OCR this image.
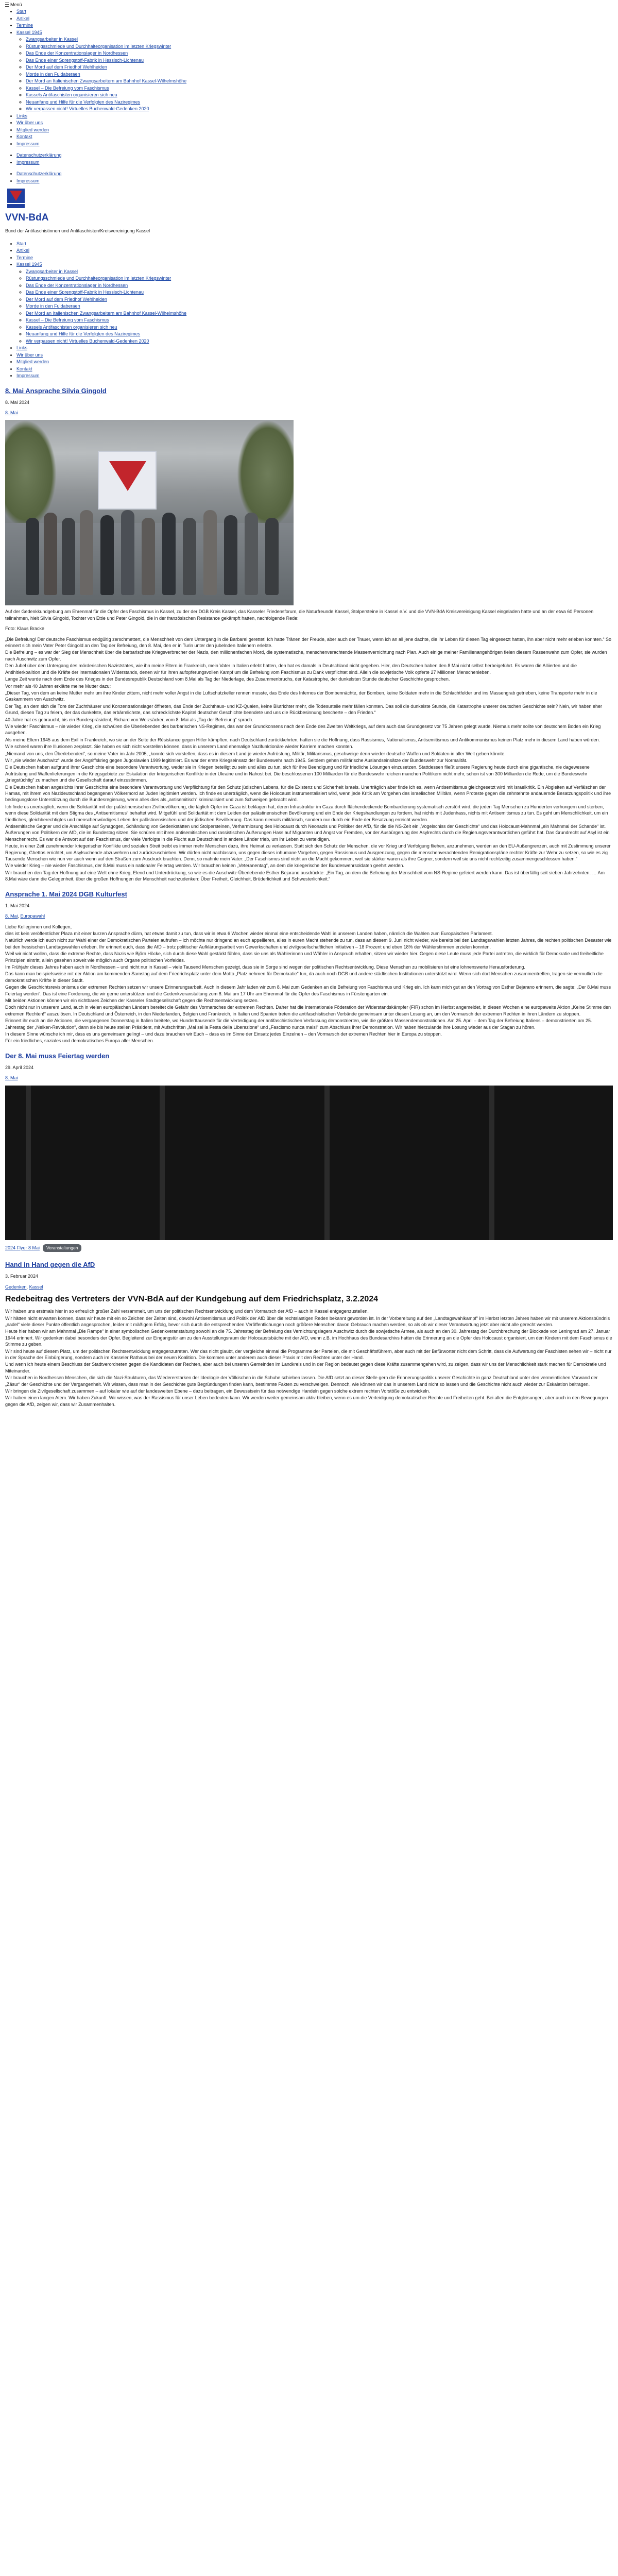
Menü
• Start
• Artikel
• Termine
• Kassel 1945
◦ Zwangsarbeiter in Kassel
◦ Rüstungsschmiede und Durchhalteorganisation im letzten Kriegswinter
◦ Das Ende der Konzentrationslager in Nordhessen
◦ Das Ende einer Sprengstoff-Fabrik in Hessisch-Lichtenau
◦ Der Mord auf dem Friedhof Wehlheiden
◦ Morde in den Fuldaberaen
◦ Der Mord an Italienischen Zwangsarbeitern am Bahnhof Kassel-Wilhelmshöhe
◦ Kassel – Die Befreiung vom Faschismus
◦ Kassels Antifaschisten organisieren sich neu
◦ Neuanfang und Hilfe für die Verfolgten des Naziregimes
◦ Wir verpassen nicht! Virtuelles Buchenwald-Gedenken 2020
• Links
• Wir über uns
• Mitglied werden
• Kontakt
• Impressum
• Datenschutzerklärung
• Impressum
• Datenschutzerklärung
• Impressum
VVN-BdA
Bund der Antifaschistinnen und Antifaschisten/Kreisvereinigung Kassel
• Start
• Artikel
• Termine
• Kassel 1945
◦ Zwangsarbeiter in Kassel
◦ Rüstungsschmiede und Durchhalteorganisation im letzten Kriegswinter
◦ Das Ende der Konzentrationslager in Nordhessen
◦ Das Ende einer Sprengstoff-Fabrik in Hessisch-Lichtenau
◦ Der Mord auf dem Friedhof Wehlheiden
◦ Morde in den Fuldaberaen
◦ Der Mord an Italienischen Zwangsarbeitern am Bahnhof Kassel-Wilhelmshöhe
◦ Kassel – Die Befreiung vom Faschismus
◦ Kassels Antifaschisten organisieren sich neu
◦ Neuanfang und Hilfe für die Verfolgten des Naziregimes
◦ Wir verpassen nicht! Virtuelles Buchenwald-Gedenken 2020
• Links
• Wir über uns
• Mitglied werden
• Kontakt
• Impressum
8. Mai Ansprache Silvia Gingold
8. Mai 2024
8. Mai
Auf der Gedenkkundgebung am Ehrenmal für die Opfer des Faschismus in Kassel, zu der der DGB Kreis Kassel, das Kasseler Friedensforum, die Naturfreunde Kassel, Stolpersteine in Kassel e.V. und die VVN-BdA Kreisvereinigung Kassel eingeladen hatte und an der etwa 60 Personen teilnahmen, hielt Silvia Gingold, Tochter von Ettie und Peter Gingold, die in der französischen Resistance gekämpft hatten, nachfolgende Rede:
Foto: Klaus Bracke

„Die Befreiung! Der deutsche Faschismus endgültig zerschmettert, die Menschheit von dem Untergang in die Barbarei gerettet! Ich hatte Tränen der Freude, aber auch der Trauer, wenn ich an all jene dachte, die ihr Leben für diesen Tag eingesetzt hatten, ihn aber nicht mehr erleben konnten.“ So erinnert sich mein Vater Peter Gingold an den Tag der Befreiung, den 8. Mai, den er in Turin unter den jubelnden Italienern erlebte.

Die Befreiung – es war der Sieg der Menschheit über die barbarischste Kriegsverbrecher der Nazis, den millionenfachen Mord, die systematische, menschenverachtende Massenvernichtung nach Plan. Auch einige meiner Familienangehörigen fielen diesem Rassenwahn zum Opfer, sie wurden nach Auschwitz zum Opfer.

Den Jubel über den Untergang des mörderischen Naziststates, wie ihn meine Eltern in Frankreich, mein Vater in Italien erlebt hatten, den hat es damals in Deutschland nicht gegeben. Hier, den Deutschen haben den 8 Mai nicht selbst herbeigeführt. Es waren die Alliierten und die Antihitlerkoalition und die Kräfte der internationalen Widerstands, denen wir für ihren aufopferungsvollen Kampf um die Befreiung vom Faschismus zu Dank verpflichtet sind. Allein die sowjetische Volk opferte 27 Millionen Menschenleben.

Lange Zeit wurde nach dem Ende des Krieges in der Bundesrepublik Deutschland vom 8.Mai als Tag der Niederlage, des Zusammenbruchs, der Katastrophe, der dunkelsten Stunde deutscher Geschichte gesprochen.

Vor mehr als 40 Jahren erklärte meine Mutter dazu:

„Dieser Tag, von dem an keine Mutter mehr um ihre Kinder zittern, nicht mehr voller Angst in die Luftschutzkeller rennen musste, das Ende des Infernos der Bombennächte, der Bomben, keine Soldaten mehr in die Schlachtfelder und ins Massengrab getrieben, keine Transporte mehr in die Gaskammern von Auschwitz.

Der Tag, an dem sich die Tore der Zuchthäuser und Konzentrationslager öffneten, das Ende der Zuchthaus- und KZ-Qualen, keine Blutrichter mehr, die Todesurteile mehr fällen konnten. Das soll die dunkelste Stunde, die Katastrophe unserer deutschen Geschichte sein? Nein, wir haben eher Grund, diesen Tag zu feiern, der das dunkelste, das erbärmlichste, das schrecklichste Kapitel deutscher Geschichte beendete und uns die Rückbesinnung bescherte – den Frieden.“

40 Jahre hat es gebraucht, bis ein Bundespräsident, Richard von Weizsäcker, vom 8. Mai als „Tag der Befreiung“ sprach.

Wie wieder Faschismus – nie wieder Krieg, die schwüren die Überlebenden des barbarischen NS-Regimes, das war der Grundkonsens nach dem Ende des Zweiten Weltkriegs, auf dem auch das Grundgesetz vor 75 Jahren gelegt wurde. Niemals mehr sollte von deutschem Boden ein Krieg ausgehen.

Als meine Eltern 1945 aus dem Exil in Frankreich, wo sie an der Seite der Résistance gegen Hitler kämpften, nach Deutschland zurückkehrten, hatten sie die Hoffnung, dass Rassismus, Nationalismus, Antisemitismus und Antikommunismus keinen Platz mehr in diesem Land haben würden.

Wie schnell waren ihre Illusionen zerplatzt. Sie haben es sich nicht vorstellen können, dass in unserem Land ehemalige Nazifunktionäre wieder Karriere machen konnten.

„Niemand von uns, den Überlebenden“, so meine Vater im Jahr 2005, „konnte sich vorstellen, dass es in diesem Land je wieder Aufrüstung, Militär, Militarismus, geschweige denn wieder deutsche Waffen und Soldaten in aller Welt geben könnte.

Wir „nie wieder Auschwitz“ wurde der Angriffskrieg gegen Jugoslawien 1999 legitimiert. Es war der erste Kriegseinsatz der Bundeswehr nach 1945. Seitdem gehen militärische Auslandseinsätze der Bundeswehr zur Normalität.

Die Deutschen haben aufgrund ihrer Geschichte eine besondere Verantwortung, weder sie in Kriegen beteiligt zu sein und alles zu tun, sich für ihre Beendigung und für friedliche Lösungen einzusetzen. Stattdessen fließt unsere Regierung heute durch eine gigantische, nie dagewesene Aufrüstung und Waffenlieferungen in die Kriegsgebiete zur Eskalation der kriegerischen Konflikte in der Ukraine und in Nahost bei. Die beschlossenen 100 Milliarden für die Bundeswehr reichen manchen Politikern nicht mehr, schon ist von 300 Milliarden die Rede, um die Bundeswehr „kriegstüchtig“ zu machen und die Gesellschaft darauf einzustimmen.

Die Deutschen haben angesichts ihrer Geschichte eine besondere Verantwortung und Verpflichtung für den Schutz jüdischen Lebens, für die Existenz und Sicherheit Israels. Unerträglich aber finde ich es, wenn Antisemitismus gleichgesetzt wird mit Israelkritik. Ein Abgleiten auf Verfälschen der Hamas, mit ihrem von Nazideutschland begangenen Völkermord an Juden legitimiert werden. Ich finde es unerträglich, wenn die Holocaust instrumentalisiert wird, wenn jede Kritik am Vorgehen des israelischen Militärs, wenn Proteste gegen die zehntehnte andauernde Besatzungspolitik und ihre bedingungslose Unterstützung durch die Bundesregierung, wenn alles dies als „antisemitisch“ kriminalisiert und zum Schweigen gebracht wird.

Ich finde es unerträglich, wenn die Solidarität mit der palästinensischen Zivilbevölkerung, die täglich Opfer im Gaza ist beklagen hat, deren Infrastruktur im Gaza durch flächendeckende Bombardierung systematisch zerstört wird, die jeden Tag Menschen zu Hunderten verhungern und sterben, wenn diese Solidarität mit dem Stigma des „Antisemitismus“ behaftet wird. Mitgefühl und Solidarität mit dem Leiden der palästinensischen Bevölkerung und ein Ende der Kriegshandlungen zu fordern, hat nichts mit Judenhass, nichts mit Antisemitismus zu tun. Es geht um Menschlichkeit, um ein friedliches, gleichberechtigtes und menschenwürdiges Leben der palästinensischen und der jüdischen Bevölkerung. Das kann niemals militärisch, sondern nur durch ein Ende der Besatzung erreicht werden.

Antisemitische Gegner und die Anschläge auf Synagogen, Schändung von Gedenkstätten und Stolpersteinen, Verharmlosung des Holocaust durch Neonazis und Politiker der AfD, für die die NS-Zeit ein „Vogelschiss der Geschichte“ und das Holocaust-Mahnmal „ein Mahnmal der Schande“ ist. Äußerungen von Politikern der AfD, die im Bundestag sitzen. Sie schüren mit ihren antisemitischen und rassistischen Äußerungen Hass auf Migranten und Angst vor Fremden, vor der Ausbürgerung des Asylrechts durch die Regierungsverantwortlichen geführt hat. Das Grundrecht auf Asyl ist ein Menschenrecht. Es war die Antwort auf den Faschismus, der viele Verfolgte in die Flucht aus Deutschland in andere Länder trieb, um ihr Leben zu verteidigen.

Heute, in einer Zeit zunehmender kriegerischer Konflikte und sozialen Streit treibt es immer mehr Menschen dazu, ihre Heimat zu verlassen. Statt sich den Schutz der Menschen, die vor Krieg und Verfolgung fliehen, anzunehmen, werden an den EU-Außengrenzen, auch mit Zustimmung unserer Regierung, Ghettos errichtet, um Asylsuchende abzuwehren und zurückzuschieben. Wir dürfen nicht nachlassen, uns gegen dieses inhumane Vorgehen, gegen Rassismus und Ausgrenzung, gegen die menschenverachtenden Remigrationspläne rechter Kräfte zur Wehr zu setzen, so wie es zig Tausende Menschen wie nun vor auch wenn auf den Straßen zum Ausdruck brachten. Denn, so mahnte mein Vater: „Der Faschismus sind nicht an die Macht gekommen, weil sie stärker waren als ihre Gegner, sondern weil sie uns nicht rechtzeitig zusammengeschlossen haben.“

Wie wieder Krieg – nie wieder Faschismus, der 8.Mai muss ein nationaler Feiertag werden. Wir brauchen keinen „Veteranentag“, an dem die kriegerische der Bundeswehrsoldaten geehrt werden.

Wir brauchen den Tag der Hoffnung auf eine Welt ohne Krieg, Elend und Unterdrückung, so wie es die Auschwitz-Überlebende Esther Bejarano ausdrückte: „Ein Tag, an dem die Befreiung der Menschheit vom NS-Regime gefeiert werden kann. Das ist überfällig seit sieben Jahrzehnten. … Am 8.Mai wäre dann die Gelegenheit, über die großen Hoffnungen der Menschheit nachzudenken: Über Freiheit, Gleichheit, Brüderlichkeit und Schwesterlichkeit.“

Ansprache 1. Mai 2024 DGB Kulturfest
1. Mai 2024
8. Mai, Europawahl

Liebe Kolleginnen und Kollegen,

dies ist kein veröffentlicher Plaza mit einer kurzen Ansprache dürm, hat etwas damit zu tun, dass wir in etwa 6 Wochen wieder einmal eine entscheidende Wahl in unserem Landen haben, nämlich die Wahlen zum Europäischen Parlament.

Natürlich werde ich euch nicht zur Wahl einer der Demokratischen Parteien aufrufen – ich möchte nur dringend an euch appellieren, alles in euren Macht stehende zu tun, dass an diesem 9. Juni nicht wieder, wie bereits bei den Landtagswahlen letzten Jahres, die rechten politischen Desaster wie bei den hessischen Landtagswahlen erleben. Ihr erinnert euch, dass die AfD – trotz politischer Aufklärungsarbeit von Gewerkschaften und zivilgesellschaftlichen Initiativen – 18 Prozent und eben 18% der Wählerstimmen erzielen konnten.

Weil wir nicht wollen, dass die extreme Rechte, dass Nazis wie Björn Höcke, sich durch diese Wahl gestärkt fühlen, dass sie uns als Wählerinnen und Wähler in Anspruch erhalten, sitzen wir wieder hier. Gegen diese Leute muss jede Partei antreten, die wirklich für Demokratie und freiheitliche Prinzipien eintritt, allein gesehen soweit wie möglich auch Organe politischen Vorfeldes.

Im Frühjahr dieses Jahres haben auch in Nordhessen – und nicht nur in Kassel – viele Tausend Menschen gezeigt, dass sie in Sorge sind wegen der politischen Rechtsentwicklung. Diese Menschen zu mobilisieren ist eine lohnenswerte Herausforderung.

Das kann man beispielsweise mit der Aktion am kommenden Samstag auf dem Friedrichsplatz unter dem Motto „Platz nehmen für Demokratie“ tun, da auch noch DGB und andere städtischen Institutionen unterstützt wird. Wenn sich dort Menschen zusammentreffen, tragen sie vermutlich die demokratischen Kräfte in dieser Stadt.

Gegen die Geschichtsrevisionismus der extremen Rechten setzen wir unsere Erinnerungsarbeit. Auch in diesem Jahr laden wir zum 8. Mai zum Gedenken an die Befreiung von Faschismus und Krieg ein. Ich kann mich gut an den Vortrag von Esther Bejarano erinnern, die sagte: „Der 8.Mai muss Feiertag werden“. Das ist eine Forderung, die wir gerne unterstützen und die Gedenkveranstaltung zum 8. Mai um 17 Uhr am Ehrenmal für die Opfer des Faschismus in Fürstengarten ein.

Mit beiden Aktionen können wir ein sichtbares Zeichen der Kasseler Stadtgesellschaft gegen die Rechtsentwicklung setzen.

Doch nicht nur in unserem Land, auch in vielen europäischen Ländern bereitet die Gefahr des Vormarsches der extremen Rechten. Daher hat die Internationale Föderation der Widerstandskämpfer (FIR) schon im Herbst angemeldet, in diesen Wochen eine europaweite Aktion „Keine Stimme den extremen Rechten!“ auszulösen. In Deutschland und Österreich, in den Niederlanden, Belgien und Frankreich, in Italien und Spanien treten die antifaschistischen Verbände gemeinsam unter diesen Losung an, um den Vormarsch der extremen Rechten in ihren Ländern zu stoppen.

Erinnert ihr euch an die Aktionen, die vergangenen Donnerstag in Italien breitete, wo Hunderttausende für die Verteidigung der antifaschistischen Verfassung demonstrierten, wie die größten Massendemonstrationen. Am 25. April – dem Tag der Befreiung Italiens – demonstrierten am 25. Jahrestag der „Nelken-Revolution“, dann sie bis heute stellen Präsident, mit Aufschriften „Mai sei la Festa della Liberazione“ und „Fascismo nunca mais!“ zum Abschluss ihrer Demonstration. Wir haben hierzulande ihre Losung wieder aus der Stagan zu hören.

In diesem Sinne wünsche ich mir, dass es uns gemeinsam gelingt – und dazu brauchen wir Euch – dass es im Sinne der Einsatz jedes Einzelnen – den Vormarsch der extremen Rechten hier in Europa zu stoppen.

Für ein friedliches, soziales und demokratisches Europa aller Menschen.

Der 8. Mai muss Feiertag werden
29. April 2024
8. Mai
2024 Flyer 8 Mai	Veranstaltungen
Hand in Hand gegen die AfD
3. Februar 2024
Gedenken, Kassel
Redebeitrag des Vertreters der VVN-BdA auf der Kundgebung auf dem Friedrichsplatz, 3.2.2024

Wir haben uns erstmals hier in so erfreulich großer Zahl versammelt, um uns der politischen Rechtsentwicklung und dem Vormarsch der AfD – auch in Kassel entgegenzustellen.

Wir hätten nicht erwarten können, dass wir heute mit ein so Zeichen der Zeiten sind, obwohl Antisemitismus und Politik der AfD über die rechtslastigen Reden bekannt geworden ist. In der Vorbereitung auf den „Landtagswahlkampf“ im Herbst letzten Jahres haben wir mit unserem Aktionsbündnis „nadel“ viele dieser Punkte öffentlich angesprochen, leider mit mäßigem Erfolg, bevor sich durch die entsprechenden Veröffentlichungen noch größere Menschen davon Gebrauch machen werden, so als ob wir dieser Verantwortung jetzt aber nicht alle gerecht werden.

Heute hier haben wir am Mahnmal „Die Rampe“ in einer symbolischen Gedenkveranstaltung sowohl an die 75. Jahrestag der Befreiung des Vernichtungslagers Auschwitz durch die sowjetische Armee, als auch an den 30. Jahrestag der Durchbrechung der Blockade von Leningrad am 27. Januar 1944 erinnert. Wir gedenken dabei besonders der Opfer. Begleitend zur Eingangstür am zu den Ausstellungsraum der Holocaustsbäche mit der AfD, wenn z.B. im Hochhaus des Bundesarchivs hatten die Erinnerung an die Opfer des Holocaust organisiert, um den Kindern mit dem Faschismus die Stimme zu geben.

Wir sind heute auf diesem Platz, um der politischen Rechtsentwicklung entgegenzutreten. Wer das nicht glaubt, der vergleiche einmal die Programme der Parteien, die mit Geschäftsführern, aber auch mit der Befürworter nicht dem Schritt, dass die Aufwertung der Faschisten sehen wir – nicht nur in der Sprache der Einbürgerung, sondern auch im Kasseler Rathaus bei der neuen Koalition. Die kommen unter anderem auch dieser Praxis mit den Rechten unter der Hand.

Und wenn ich heute einem Beschluss der Stadtverordneten gegen die Kandidaten der Rechten, aber auch bei unseren Gemeinden im Landkreis und in der Region bedeutet gegen diese Kräfte zusammengehen wird, zu zeigen, dass wir uns der Menschlichkeit stark machen für Demokratie und Miteinander.

Wir brauchen in Nordhessen Menschen, die sich die Nazi-Strukturen, das Wiedererstarken der Ideologie der Völkischen in die Schuhe schieben lassen. Die AfD setzt an dieser Stelle gern die Erinnerungspolitik unserer Geschichte in ganz Deutschland unter den vermeintlichen Vorwand der „Zäsur“ der Geschichte und der Vergangenheit. Wir wissen, dass man in der Geschichte gute Begründungen finden kann, bestimmte Fakten zu verschweigen. Dennoch, wie können wir das in unserem Land nicht so lassen und die Geschichte nicht auch wieder zur Eskalation beitragen.

Wir bringen die Zivilgesellschaft zusammen – auf lokaler wie auf der landesweiten Ebene – dazu beitragen, ein Bewusstsein für das notwendige Handeln gegen solche extrem rechten Vorstöße zu entwickeln.

Wir haben einen langen Atem. Wir haben Zukunft. Wir wissen, was der Rassismus für unser Leben bedeuten kann. Wir werden weiter gemeinsam aktiv bleiben, wenn es um die Verteidigung demokratischer Rechte und Freiheiten geht. Bei allen die Entgleisungen, aber auch in den Bewegungen gegen die AfD, zeigen wir, dass wir Zusammenhalten.
